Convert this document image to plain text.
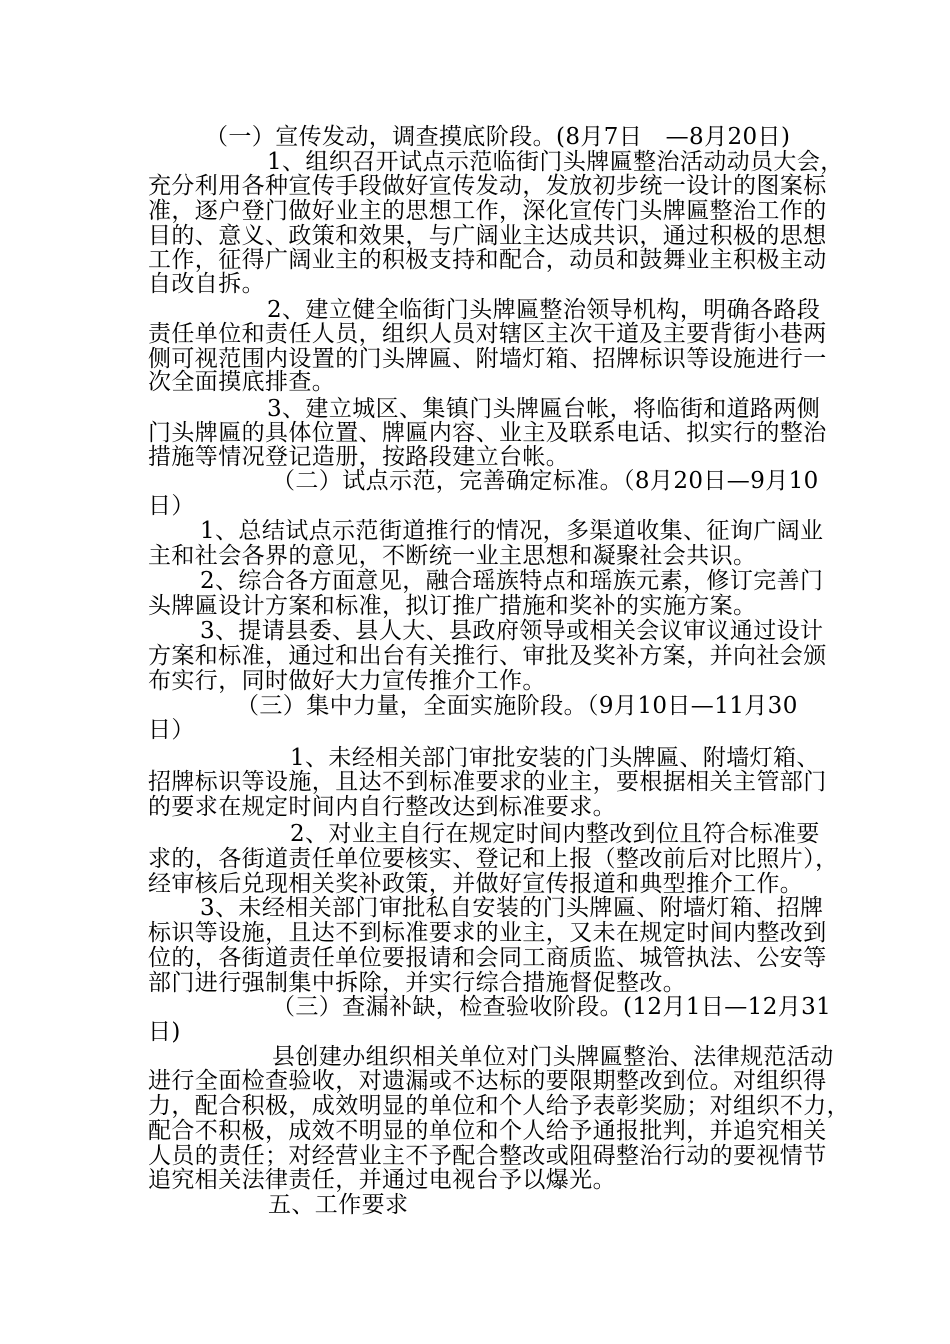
（一）宣传发动，调查摸底阶段。(8月7日　—8月20日)
1、组织召开试点示范临街门头牌匾整治活动动员大会，
充分利用各种宣传手段做好宣传发动，发放初步统一设计的图案标
准，逐户登门做好业主的思想工作，深化宣传门头牌匾整治工作的
目的、意义、政策和效果，与广阔业主达成共识，通过积极的思想
工作，征得广阔业主的积极支持和配合，动员和鼓舞业主积极主动
自改自拆。
2、建立健全临街门头牌匾整治领导机构，明确各路段
责任单位和责任人员，组织人员对辖区主次干道及主要背街小巷两
侧可视范围内设置的门头牌匾、附墙灯箱、招牌标识等设施进行一
次全面摸底排查。
3、建立城区、集镇门头牌匾台帐，将临街和道路两侧
门头牌匾的具体位置、牌匾内容、业主及联系电话、拟实行的整治
措施等情况登记造册，按路段建立台帐。
（二）试点示范，完善确定标准。（8月20日—9月10
日）
1、总结试点示范街道推行的情况，多渠道收集、征询广阔业
主和社会各界的意见，不断统一业主思想和凝聚社会共识。
2、综合各方面意见，融合瑶族特点和瑶族元素，修订完善门
头牌匾设计方案和标准，拟订推广措施和奖补的实施方案。
3、提请县委、县人大、县政府领导或相关会议审议通过设计
方案和标准，通过和出台有关推行、审批及奖补方案，并向社会颁
布实行，同时做好大力宣传推介工作。
（三）集中力量，全面实施阶段。（9月10日—11月30
日）
1、未经相关部门审批安装的门头牌匾、附墙灯箱、
招牌标识等设施，且达不到标准要求的业主，要根据相关主管部门
的要求在规定时间内自行整改达到标准要求。
2、对业主自行在规定时间内整改到位且符合标准要
求的，各街道责任单位要核实、登记和上报（整改前后对比照片），
经审核后兑现相关奖补政策，并做好宣传报道和典型推介工作。
3、未经相关部门审批私自安装的门头牌匾、附墙灯箱、招牌
标识等设施，且达不到标准要求的业主，又未在规定时间内整改到
位的，各街道责任单位要报请和会同工商质监、城管执法、公安等
部门进行强制集中拆除，并实行综合措施督促整改。
（三）查漏补缺，检查验收阶段。(12月1日—12月31
日)
县创建办组织相关单位对门头牌匾整治、法律规范活动
进行全面检查验收，对遗漏或不达标的要限期整改到位。对组织得
力，配合积极，成效明显的单位和个人给予表彰奖励；对组织不力，
配合不积极，成效不明显的单位和个人给予通报批判，并追究相关
人员的责任；对经营业主不予配合整改或阻碍整治行动的要视情节
追究相关法律责任，并通过电视台予以爆光。
五、工作要求
